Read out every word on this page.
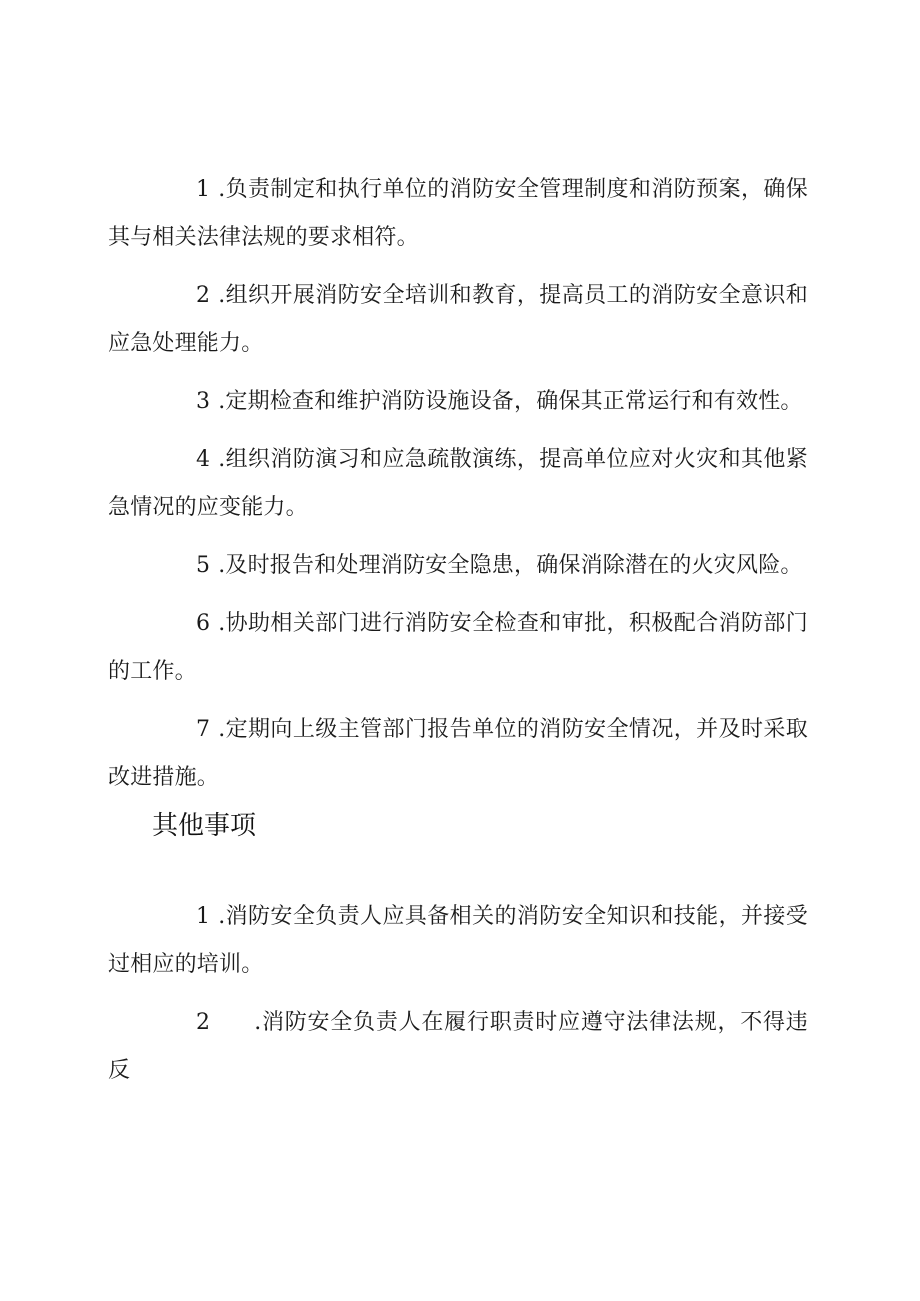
1 .负责制定和执行单位的消防安全管理制度和消防预案，确保其与相关法律法规的要求相符。

2 .组织开展消防安全培训和教育，提高员工的消防安全意识和应急处理能力。

3 .定期检查和维护消防设施设备，确保其正常运行和有效性。

4 .组织消防演习和应急疏散演练，提高单位应对火灾和其他紧急情况的应变能力。

5 .及时报告和处理消防安全隐患，确保消除潜在的火灾风险。

6 .协助相关部门进行消防安全检查和审批，积极配合消防部门的工作。

7 .定期向上级主管部门报告单位的消防安全情况，并及时采取改进措施。

其他事项

1 .消防安全负责人应具备相关的消防安全知识和技能，并接受过相应的培训。

2 .消防安全负责人在履行职责时应遵守法律法规，不得违反
